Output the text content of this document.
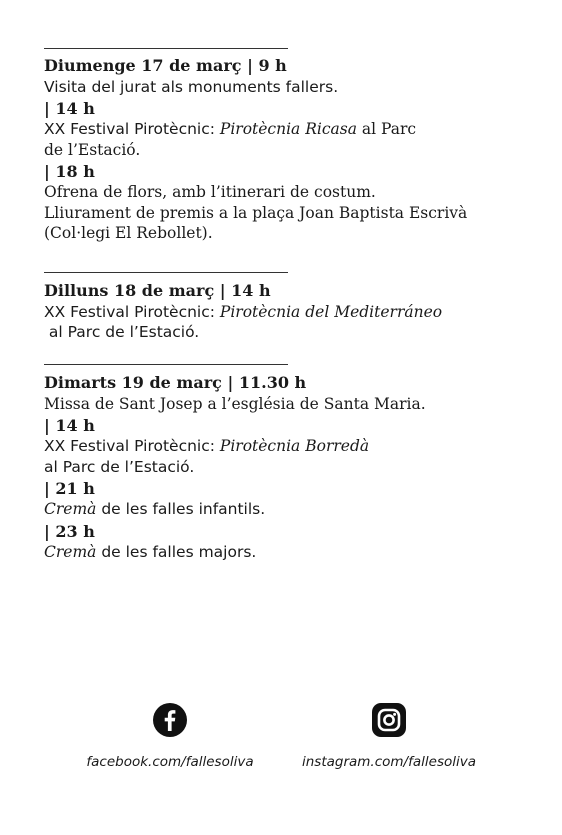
Diumenge 17 de març | 9 h
Visita del jurat als monuments fallers.
| 14 h
XX Festival Pirotècnic: Pirotècnia Ricasa al Parc
de l’Estació.
| 18 h
Ofrena de flors, amb l’itinerari de costum.
Lliurament de premis a la plaça Joan Baptista Escrivà
(Col·legi El Rebollet).
Dilluns 18 de març | 14 h
XX Festival Pirotècnic: Pirotècnia del Mediterráneo
al Parc de l’Estació.
Dimarts 19 de març | 11.30 h
Missa de Sant Josep a l’església de Santa Maria.
| 14 h
XX Festival Pirotècnic: Pirotècnia Borredà
al Parc de l’Estació.
| 21 h
Cremà de les falles infantils.
| 23 h
Cremà de les falles majors.
facebook.com/fallesoliva	instagram.com/fallesoliva
